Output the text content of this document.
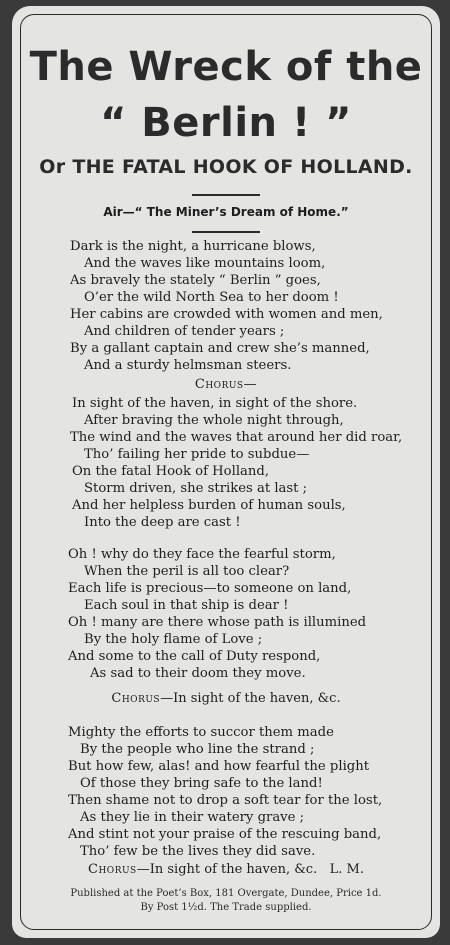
The Wreck of the
“ Berlin ! ”
Or THE FATAL HOOK OF HOLLAND.
Air—“ The Miner’s Dream of Home.”
Dark is the night, a hurricane blows,
And the waves like mountains loom,
As bravely the stately “ Berlin ” goes,
O’er the wild North Sea to her doom !
Her cabins are crowded with women and men,
And children of tender years ;
By a gallant captain and crew she’s manned,
And a sturdy helmsman steers.
Chorus—
In sight of the haven, in sight of the shore.
After braving the whole night through,
The wind and the waves that around her did roar,
Tho’ failing her pride to subdue—
On the fatal Hook of Holland,
Storm driven, she strikes at last ;
And her helpless burden of human souls,
Into the deep are cast !
Oh ! why do they face the fearful storm,
When the peril is all too clear?
Each life is precious—to someone on land,
Each soul in that ship is dear !
Oh ! many are there whose path is illumined
By the holy flame of Love ;
And some to the call of Duty respond,
As sad to their doom they move.
Chorus—In sight of the haven, &c.
Mighty the efforts to succor them made
By the people who line the strand ;
But how few, alas! and how fearful the plight
Of those they bring safe to the land!
Then shame not to drop a soft tear for the lost,
As they lie in their watery grave ;
And stint not your praise of the rescuing band,
Tho’ few be the lives they did save.
Chorus—In sight of the haven, &c. L. M.
Published at the Poet’s Box, 181 Overgate, Dundee, Price 1d.
By Post 1½d. The Trade supplied.
